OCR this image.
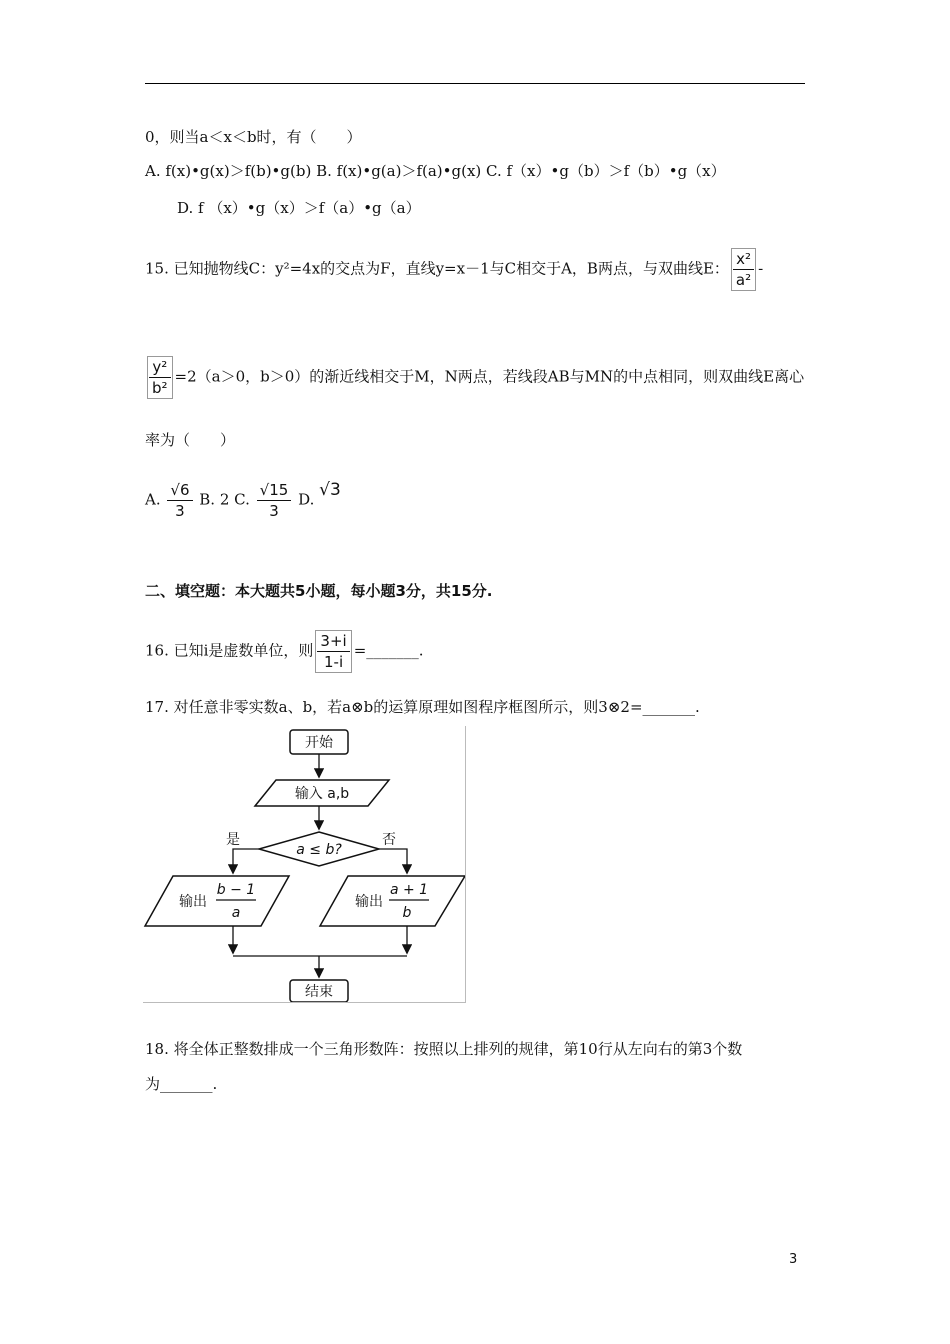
0，则当a＜x＜b时，有（　　）
A. f(x)•g(x)＞f(b)•g(b) B. f(x)•g(a)＞f(a)•g(x) C. f（x）•g（b）＞f（b）•g（x）
D. f （x）•g（x）＞f（a）•g（a）
15. 已知抛物线C：y²=4x的交点为F，直线y=x－1与C相交于A，B两点，与双曲线E： $\frac{\text{x²}}{\text{a²}}$ -
$\frac{\text{y²}}{\text{b²}} =2(a>0$，b＞0）的渐近线相交于M，N两点，若线段AB与MN的中点相同，则双曲线E离心
率为（　　）
A. $\frac{√6}{3} B$. 2 C. $\frac{√15}{3} D$. √3
二、填空题：本大题共5小题，每小题3分，共15分.
16. 已知i是虚数单位，则 $\frac{3+i}{1-i}$ =_______.
17. 对任意非零实数a、b，若a⊗b的运算原理如图程序框图所示，则3⊗2=_______.
开始
输入 a,b
a ≤ b?
是	否
输出
b − 1
a
输出
a + 1
b
结束
18. 将全体正整数排成一个三角形数阵：按照以上排列的规律，第10行从左向右的第3个数
为_______.
3
